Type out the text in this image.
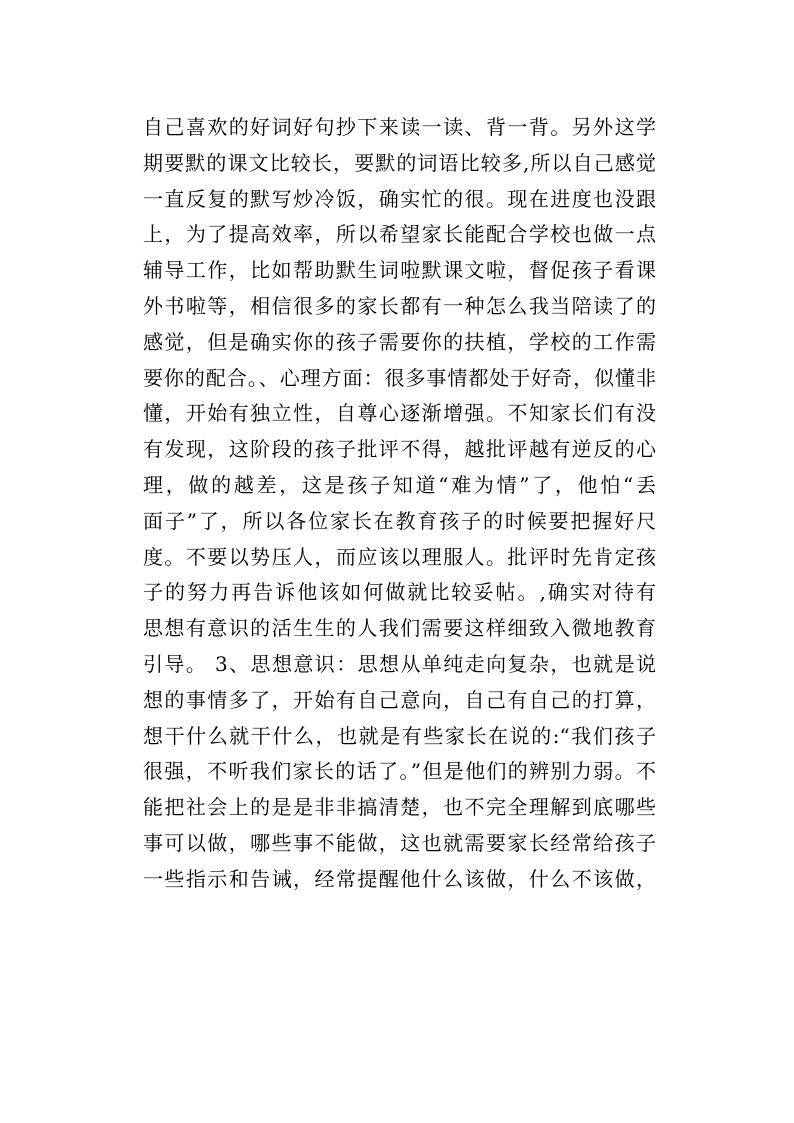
自己喜欢的好词好句抄下来读一读、背一背。另外这学
期要默的课文比较长，要默的词语比较多,所以自己感觉
一直反复的默写炒冷饭，确实忙的很。现在进度也没跟
上，为了提高效率，所以希望家长能配合学校也做一点
辅导工作，比如帮助默生词啦默课文啦，督促孩子看课
外书啦等，相信很多的家长都有一种怎么我当陪读了的
感觉，但是确实你的孩子需要你的扶植，学校的工作需
要你的配合。、心理方面：很多事情都处于好奇，似懂非
懂，开始有独立性，自尊心逐渐增强。不知家长们有没
有发现，这阶段的孩子批评不得，越批评越有逆反的心
理，做的越差，这是孩子知道“难为情”了，他怕“丢
面子”了，所以各位家长在教育孩子的时候要把握好尺
度。不要以势压人，而应该以理服人。批评时先肯定孩
子的努力再告诉他该如何做就比较妥帖。,确实对待有
思想有意识的活生生的人我们需要这样细致入微地教育
引导。 3、思想意识：思想从单纯走向复杂，也就是说
想的事情多了，开始有自己意向，自己有自己的打算，
想干什么就干什么，也就是有些家长在说的:“我们孩子
很强，不听我们家长的话了。”但是他们的辨别力弱。不
能把社会上的是是非非搞清楚，也不完全理解到底哪些
事可以做，哪些事不能做，这也就需要家长经常给孩子
一些指示和告诫，经常提醒他什么该做，什么不该做，
